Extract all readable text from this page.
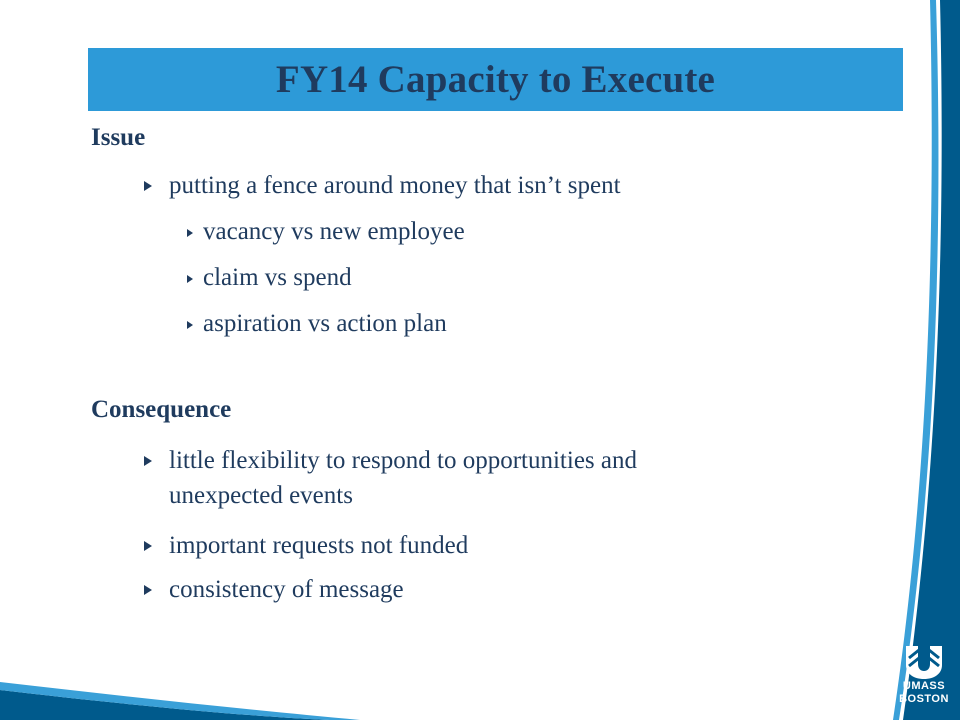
FY14 Capacity to Execute
Issue
putting a fence around money that isn’t spent
vacancy vs new employee
claim vs spend
aspiration vs action plan
Consequence
little flexibility to respond to opportunities and
unexpected events
important requests not funded
consistency of message
UMASS
BOSTON
